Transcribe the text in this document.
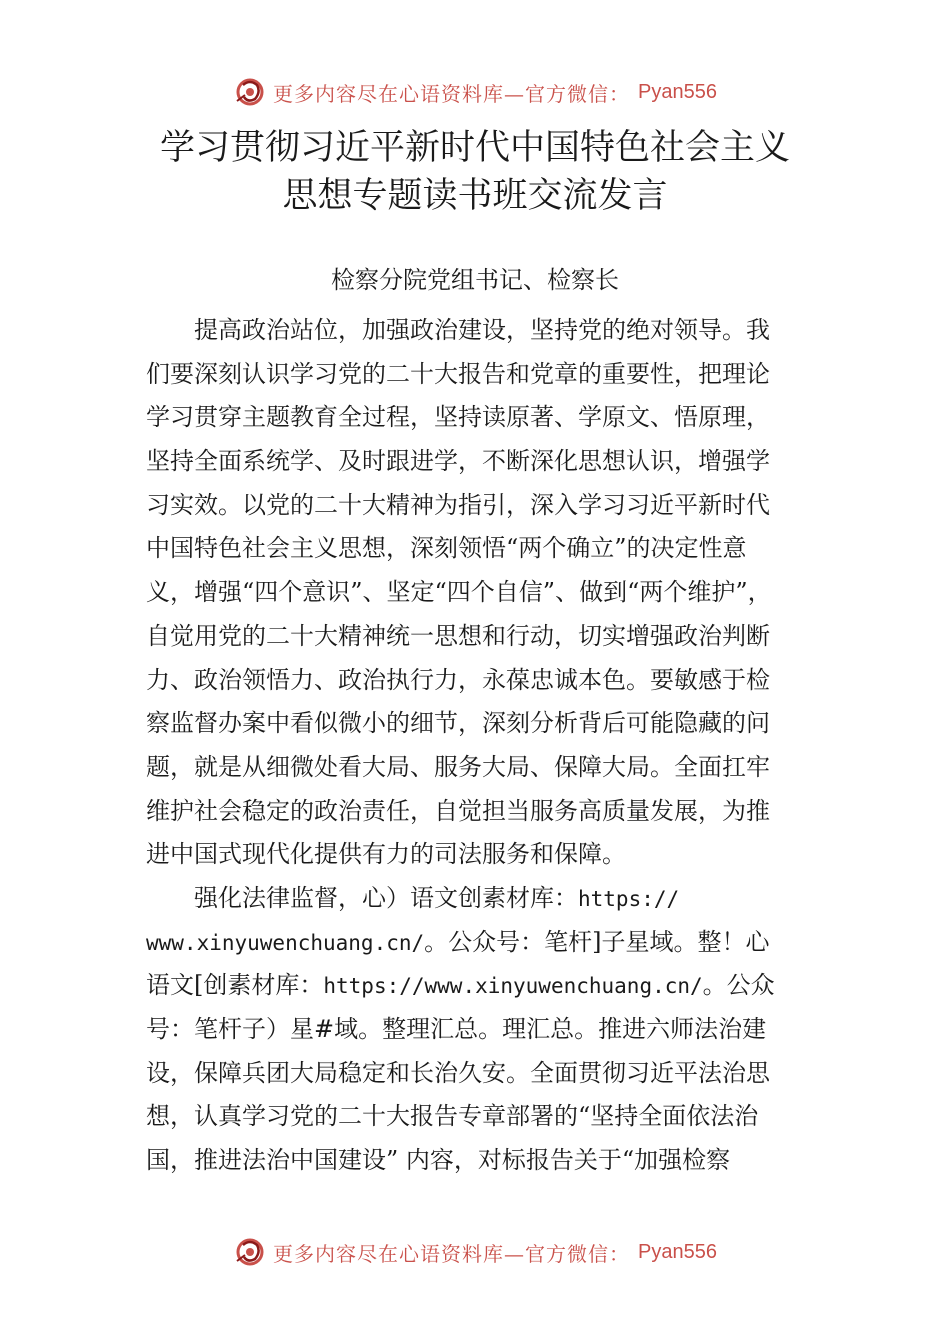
更多内容尽在心语资料库—官方微信： Pyan556
学习贯彻习近平新时代中国特色社会主义
思想专题读书班交流发言
检察分院党组书记、检察长
提高政治站位，加强政治建设，坚持党的绝对领导。我
们要深刻认识学习党的二十大报告和党章的重要性，把理论
学习贯穿主题教育全过程，坚持读原著、学原文、悟原理，
坚持全面系统学、及时跟进学，不断深化思想认识，增强学
习实效。以党的二十大精神为指引，深入学习习近平新时代
中国特色社会主义思想，深刻领悟“两个确立”的决定性意
义，增强“四个意识”、坚定“四个自信”、做到“两个维护”，
自觉用党的二十大精神统一思想和行动，切实增强政治判断
力、政治领悟力、政治执行力，永葆忠诚本色。要敏感于检
察监督办案中看似微小的细节，深刻分析背后可能隐藏的问
题，就是从细微处看大局、服务大局、保障大局。全面扛牢
维护社会稳定的政治责任，自觉担当服务高质量发展，为推
进中国式现代化提供有力的司法服务和保障。
强化法律监督，心）语文创素材库：https://
www.xinyuwenchuang.cn/。公众号：笔杆]子星域。整！心
语文[创素材库：https://www.xinyuwenchuang.cn/。公众
号：笔杆子）星#域。整理汇总。理汇总。推进六师法治建
设，保障兵团大局稳定和长治久安。全面贯彻习近平法治思
想，认真学习党的二十大报告专章部署的“坚持全面依法治
国，推进法治中国建设” 内容，对标报告关于“加强检察
更多内容尽在心语资料库—官方微信： Pyan556
